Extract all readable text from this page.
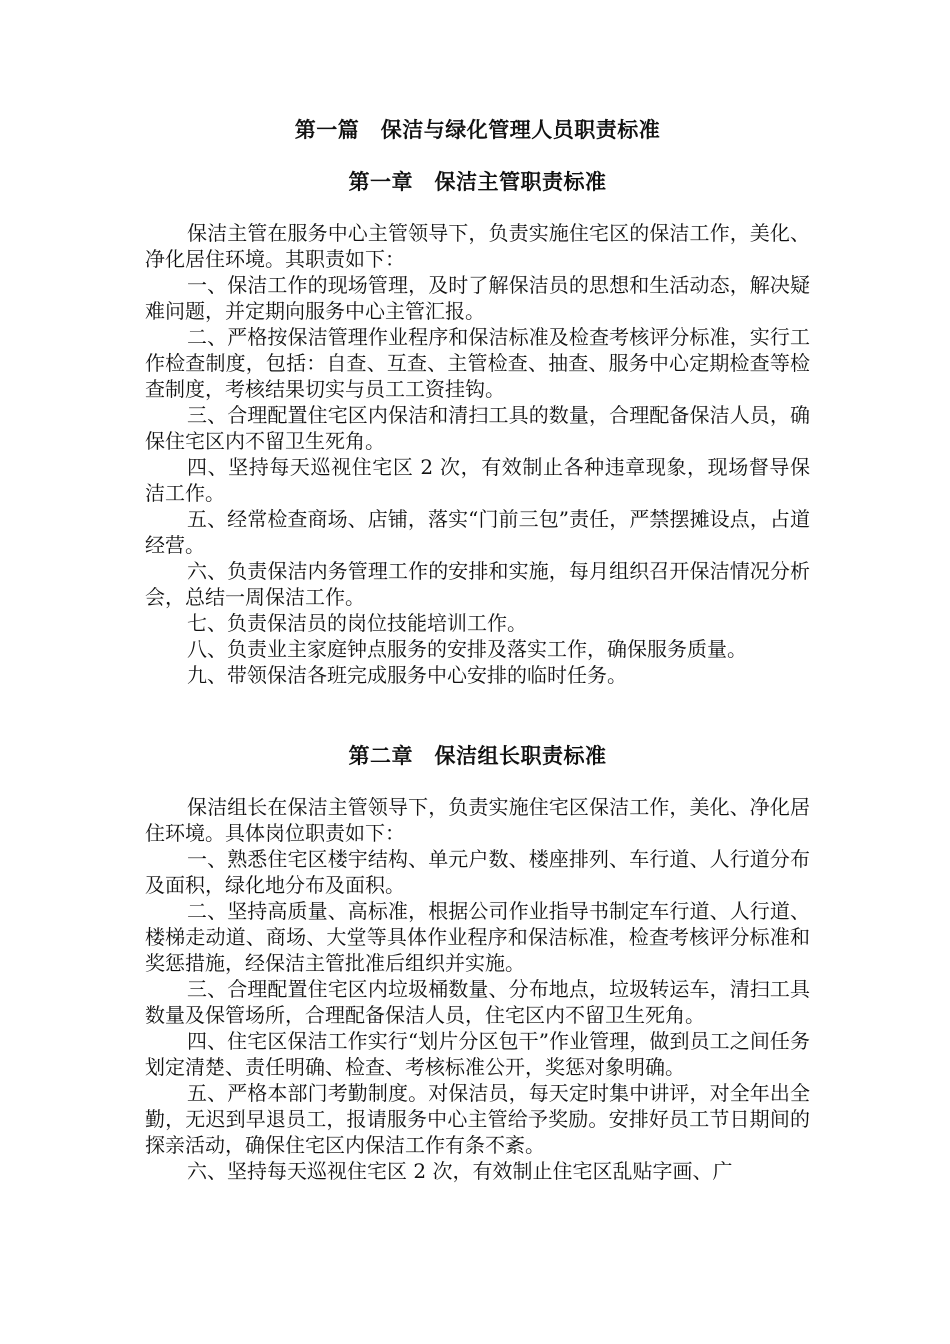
第一篇　保洁与绿化管理人员职责标准
第一章　保洁主管职责标准

保洁主管在服务中心主管领导下，负责实施住宅区的保洁工作，美化、净化居住环境。其职责如下：

一、保洁工作的现场管理，及时了解保洁员的思想和生活动态，解决疑难问题，并定期向服务中心主管汇报。

二、严格按保洁管理作业程序和保洁标准及检查考核评分标准，实行工作检查制度，包括：自查、互查、主管检查、抽查、服务中心定期检查等检查制度，考核结果切实与员工工资挂钩。

三、合理配置住宅区内保洁和清扫工具的数量，合理配备保洁人员，确保住宅区内不留卫生死角。

四、坚持每天巡视住宅区 2 次，有效制止各种违章现象，现场督导保洁工作。

五、经常检查商场、店铺，落实“门前三包”责任，严禁摆摊设点，占道经营。

六、负责保洁内务管理工作的安排和实施，每月组织召开保洁情况分析会，总结一周保洁工作。

七、负责保洁员的岗位技能培训工作。

八、负责业主家庭钟点服务的安排及落实工作，确保服务质量。

九、带领保洁各班完成服务中心安排的临时任务。

第二章　保洁组长职责标准

保洁组长在保洁主管领导下，负责实施住宅区保洁工作，美化、净化居住环境。具体岗位职责如下：

一、熟悉住宅区楼宇结构、单元户数、楼座排列、车行道、人行道分布及面积，绿化地分布及面积。

二、坚持高质量、高标准，根据公司作业指导书制定车行道、人行道、楼梯走动道、商场、大堂等具体作业程序和保洁标准，检查考核评分标准和奖惩措施，经保洁主管批准后组织并实施。

三、合理配置住宅区内垃圾桶数量、分布地点，垃圾转运车，清扫工具数量及保管场所，合理配备保洁人员，住宅区内不留卫生死角。

四、住宅区保洁工作实行“划片分区包干”作业管理，做到员工之间任务划定清楚、责任明确、检查、考核标准公开，奖惩对象明确。

五、严格本部门考勤制度。对保洁员，每天定时集中讲评，对全年出全勤，无迟到早退员工，报请服务中心主管给予奖励。安排好员工节日期间的探亲活动，确保住宅区内保洁工作有条不紊。

六、坚持每天巡视住宅区 2 次，有效制止住宅区乱贴字画、广
